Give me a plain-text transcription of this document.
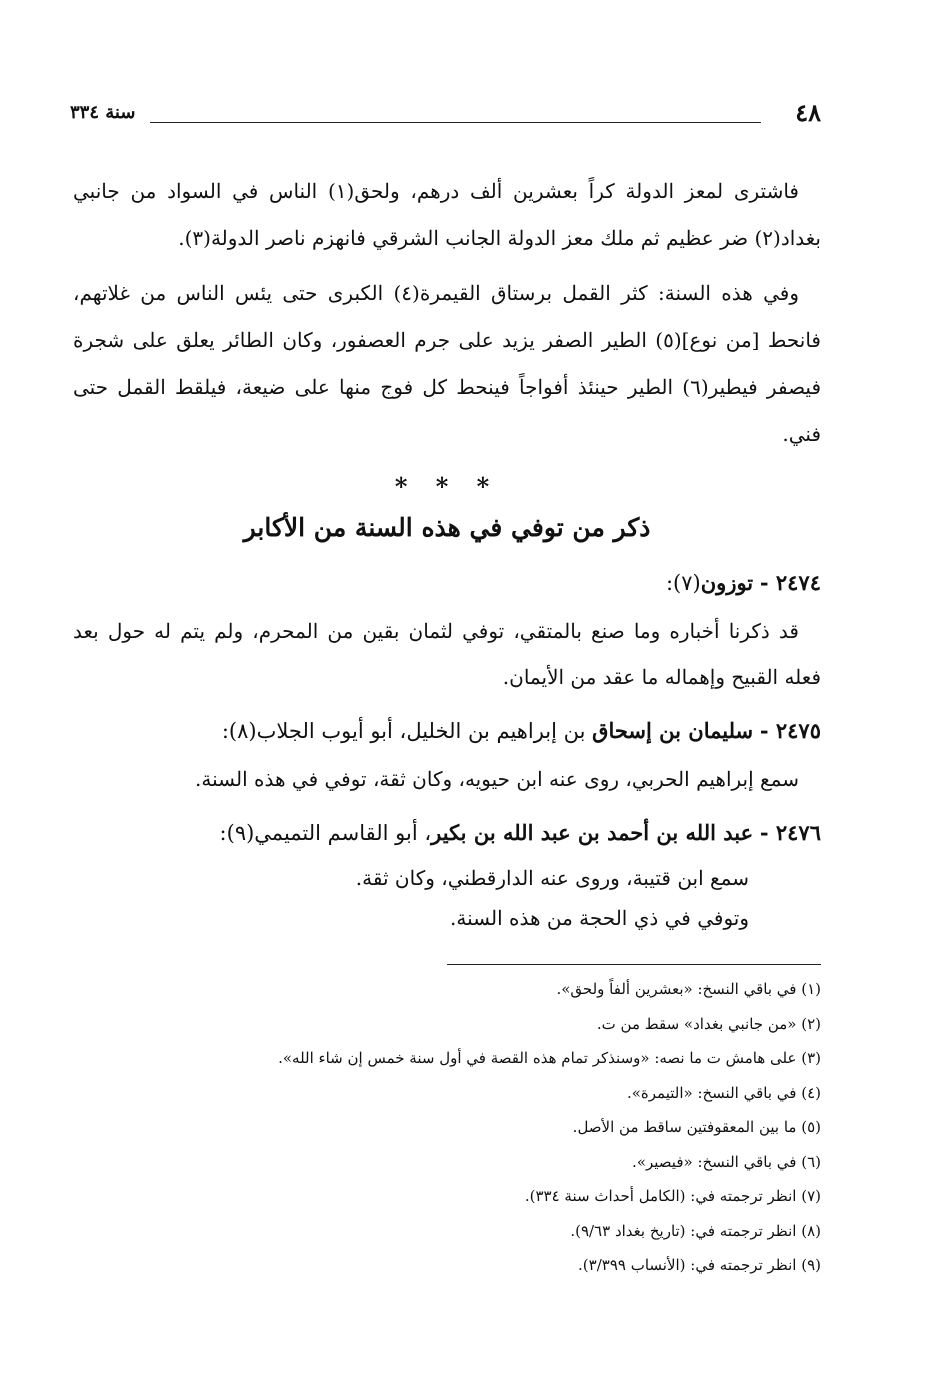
٤٨
سنة ٣٣٤

فاشترى لمعز الدولة كراً بعشرين ألف درهم، ولحق(١) الناس في السواد من جانبي بغداد(٢) ضر عظيم ثم ملك معز الدولة الجانب الشرقي فانهزم ناصر الدولة(٣).

وفي هذه السنة: كثر القمل برستاق القيمرة(٤) الكبرى حتى يئس الناس من غلاتهم، فانحط [من نوع](٥) الطير الصفر يزيد على جرم العصفور، وكان الطائر يعلق على شجرة فيصفر فيطير(٦) الطير حينئذ أفواجاً فينحط كل فوج منها على ضيعة، فيلقط القمل حتى فني.

* * *
ذكر من توفي في هذه السنة من الأكابر

٢٤٧٤ - توزون(٧):

قد ذكرنا أخباره وما صنع بالمتقي، توفي لثمان بقين من المحرم، ولم يتم له حول بعد فعله القبيح وإهماله ما عقد من الأيمان.

٢٤٧٥ - سليمان بن إسحاق بن إبراهيم بن الخليل، أبو أيوب الجلاب(٨):

سمع إبراهيم الحربي، روى عنه ابن حيويه، وكان ثقة، توفي في هذه السنة.

٢٤٧٦ - عبد الله بن أحمد بن عبد الله بن بكير، أبو القاسم التميمي(٩):

سمع ابن قتيبة، وروى عنه الدارقطني، وكان ثقة.

وتوفي في ذي الحجة من هذه السنة.

(١) في باقي النسخ: «بعشرين ألفاً ولحق».

(٢) «من جانبي بغداد» سقط من ت.

(٣) على هامش ت ما نصه: «وسنذكر تمام هذه القصة في أول سنة خمس إن شاء الله».

(٤) في باقي النسخ: «التيمرة».

(٥) ما بين المعقوفتين ساقط من الأصل.

(٦) في باقي النسخ: «فيصير».

(٧) انظر ترجمته في: (الكامل أحداث سنة ٣٣٤).

(٨) انظر ترجمته في: (تاريخ بغداد ٩/٦٣).

(٩) انظر ترجمته في: (الأنساب ٣/٣٩٩).
